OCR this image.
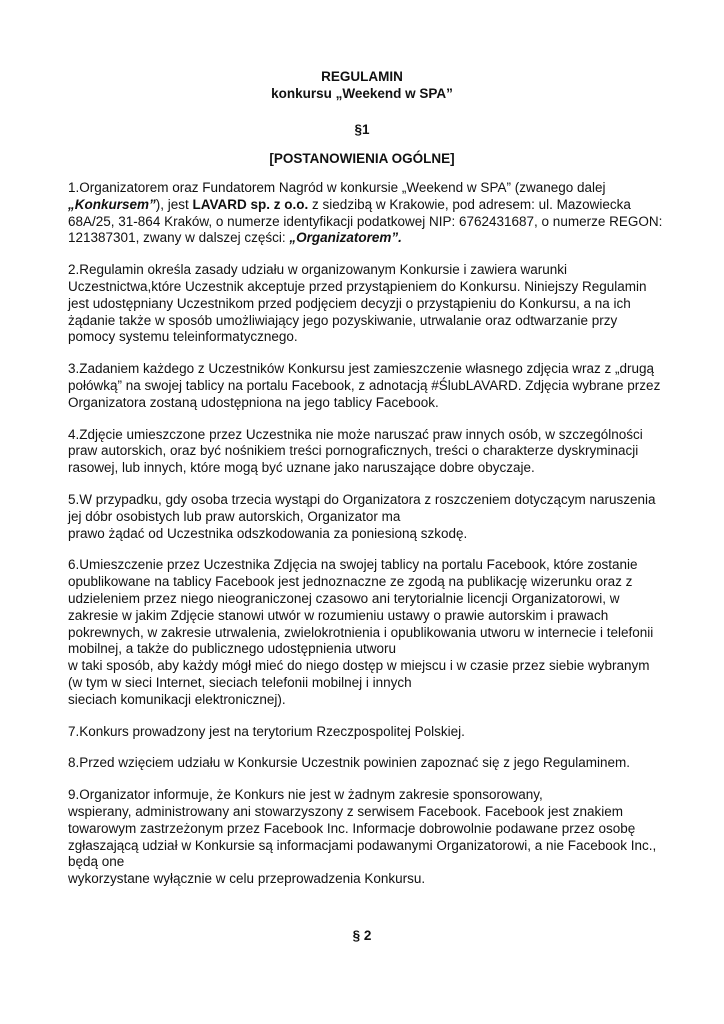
REGULAMIN
konkursu „Weekend w SPA”
§1
[POSTANOWIENIA OGÓLNE]
1.Organizatorem oraz Fundatorem Nagród w konkursie „Weekend w SPA” (zwanego dalej
„Konkursem”), jest LAVARD sp. z o.o. z siedzibą w Krakowie, pod adresem: ul. Mazowiecka
68A/25, 31-864 Kraków, o numerze identyfikacji podatkowej NIP: 6762431687, o numerze REGON:
121387301, zwany w dalszej części: „Organizatorem”.
2.Regulamin określa zasady udziału w organizowanym Konkursie i zawiera warunki
Uczestnictwa,które Uczestnik akceptuje przed przystąpieniem do Konkursu. Niniejszy Regulamin
jest udostępniany Uczestnikom przed podjęciem decyzji o przystąpieniu do Konkursu, a na ich
żądanie także w sposób umożliwiający jego pozyskiwanie, utrwalanie oraz odtwarzanie przy
pomocy systemu teleinformatycznego.
3.Zadaniem każdego z Uczestników Konkursu jest zamieszczenie własnego zdjęcia wraz z „drugą
połówką” na swojej tablicy na portalu Facebook, z adnotacją #ŚlubLAVARD. Zdjęcia wybrane przez
Organizatora zostaną udostępniona na jego tablicy Facebook.
4.Zdjęcie umieszczone przez Uczestnika nie może naruszać praw innych osób, w szczególności
praw autorskich, oraz być nośnikiem treści pornograficznych, treści o charakterze dyskryminacji
rasowej, lub innych, które mogą być uznane jako naruszające dobre obyczaje.
5.W przypadku, gdy osoba trzecia wystąpi do Organizatora z roszczeniem dotyczącym naruszenia
jej dóbr osobistych lub praw autorskich, Organizator ma
prawo żądać od Uczestnika odszkodowania za poniesioną szkodę.
6.Umieszczenie przez Uczestnika Zdjęcia na swojej tablicy na portalu Facebook, które zostanie
opublikowane na tablicy Facebook jest jednoznaczne ze zgodą na publikację wizerunku oraz z
udzieleniem przez niego nieograniczonej czasowo ani terytorialnie licencji Organizatorowi, w
zakresie w jakim Zdjęcie stanowi utwór w rozumieniu ustawy o prawie autorskim i prawach
pokrewnych, w zakresie utrwalenia, zwielokrotnienia i opublikowania utworu w internecie i telefonii
mobilnej, a także do publicznego udostępnienia utworu
w taki sposób, aby każdy mógł mieć do niego dostęp w miejscu i w czasie przez siebie wybranym
(w tym w sieci Internet, sieciach telefonii mobilnej i innych
sieciach komunikacji elektronicznej).
7.Konkurs prowadzony jest na terytorium Rzeczpospolitej Polskiej.
8.Przed wzięciem udziału w Konkursie Uczestnik powinien zapoznać się z jego Regulaminem.
9.Organizator informuje, że Konkurs nie jest w żadnym zakresie sponsorowany,
wspierany, administrowany ani stowarzyszony z serwisem Facebook. Facebook jest znakiem
towarowym zastrzeżonym przez Facebook Inc. Informacje dobrowolnie podawane przez osobę
zgłaszającą udział w Konkursie są informacjami podawanymi Organizatorowi, a nie Facebook Inc.,
będą one
wykorzystane wyłącznie w celu przeprowadzenia Konkursu.
§ 2
